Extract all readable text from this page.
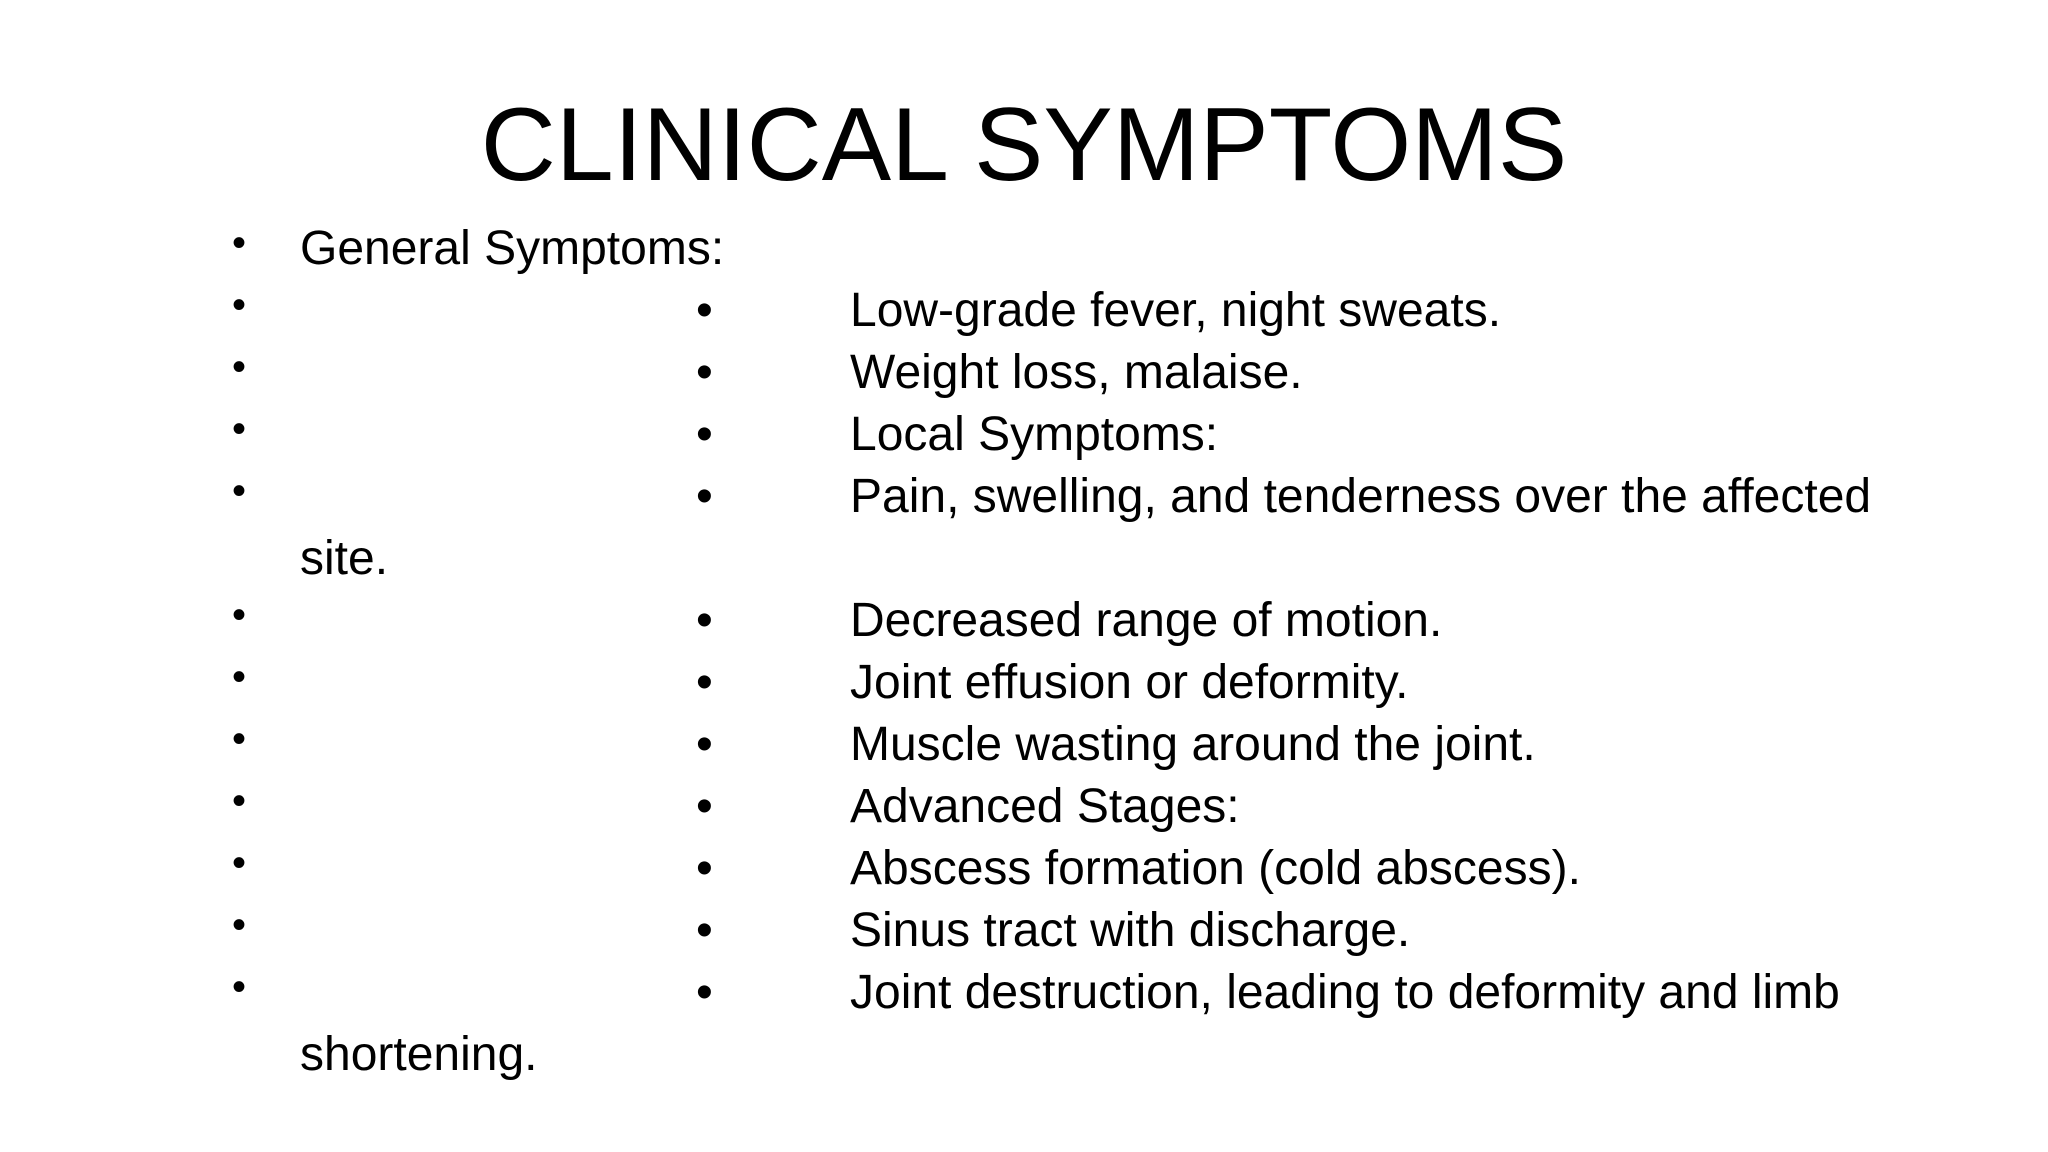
CLINICAL SYMPTOMS
•	General Symptoms:
•	•	Low-grade fever, night sweats.
•	•	Weight loss, malaise.
•	•	Local Symptoms:
•	•	Pain, swelling, and tenderness over the affected
site.
•	•	Decreased range of motion.
•	•	Joint effusion or deformity.
•	•	Muscle wasting around the joint.
•	•	Advanced Stages:
•	•	Abscess formation (cold abscess).
•	•	Sinus tract with discharge.
•	•	Joint destruction, leading to deformity and limb
shortening.
